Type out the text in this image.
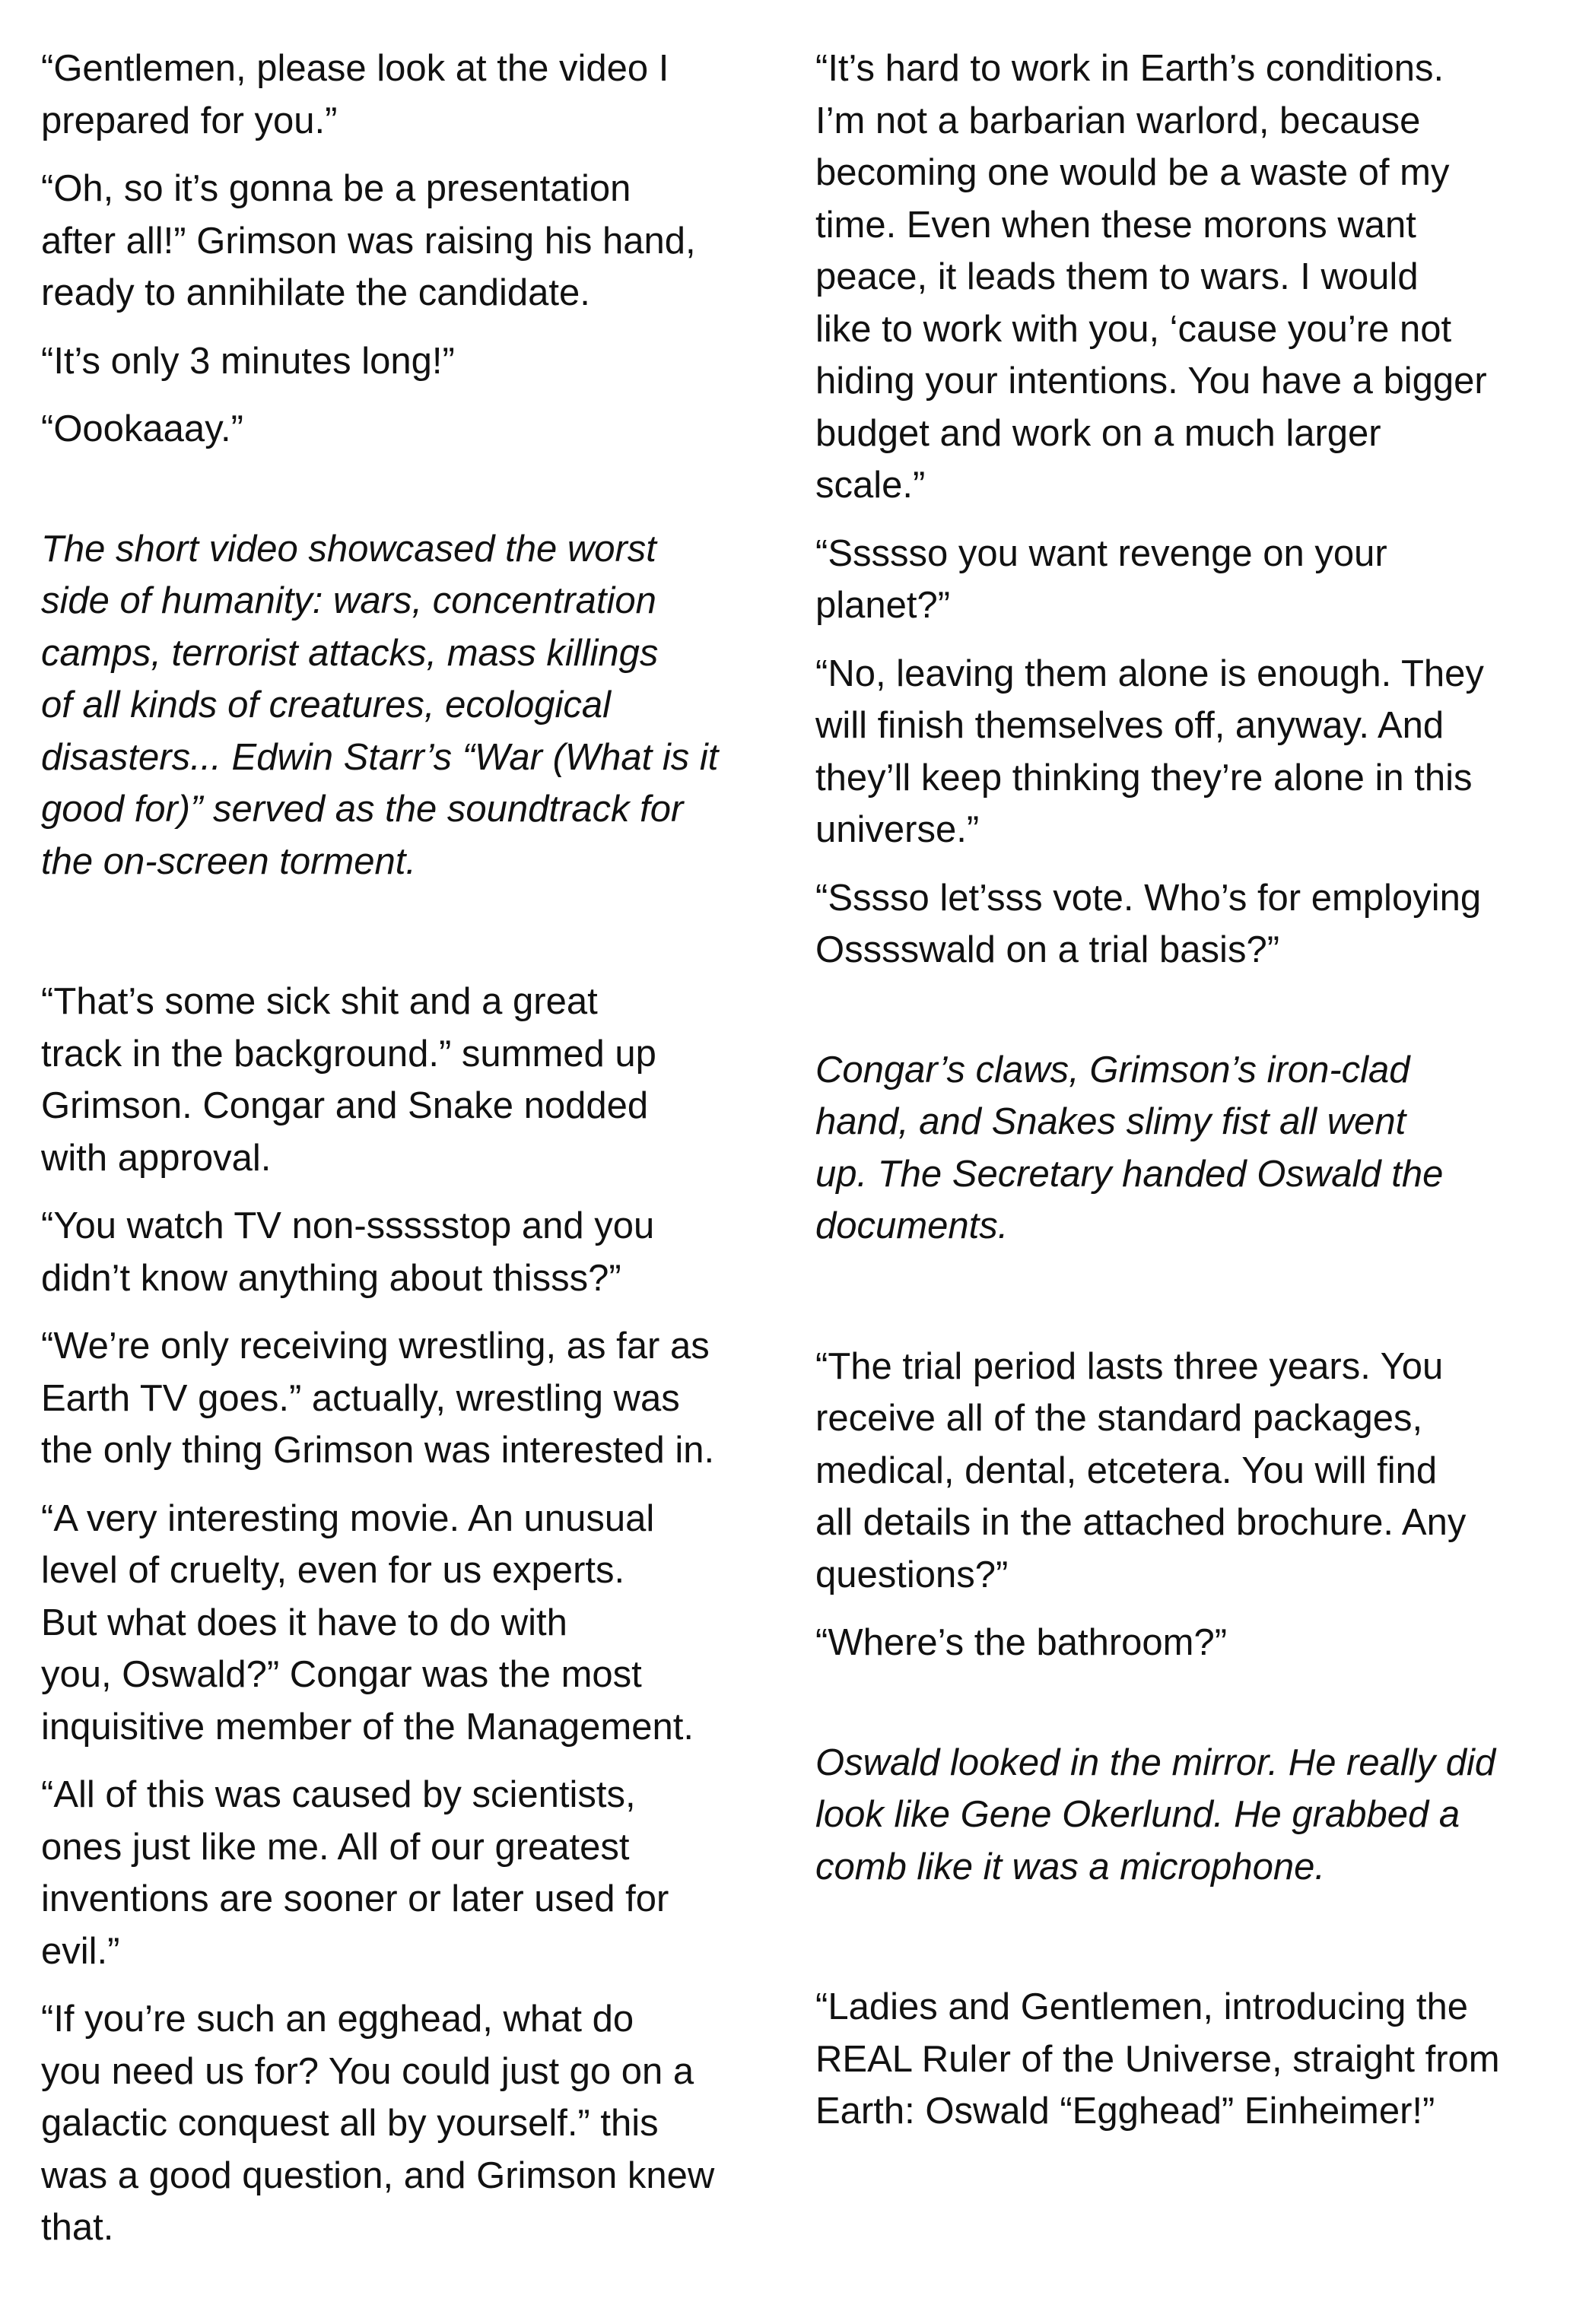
“Gentlemen, please look at the video I
prepared for you.”

“Oh, so it’s gonna be a presentation
after all!” Grimson was raising his hand,
ready to annihilate the candidate.

“It’s only 3 minutes long!”

“Oookaaay.”

The short video showcased the worst
side of humanity: wars, concentration
camps, terrorist attacks, mass killings
of all kinds of creatures, ecological
disasters... Edwin Starr’s “War (What is it
good for)” served as the soundtrack for
the on-screen torment.

“That’s some sick shit and a great
track in the background.” summed up
Grimson. Congar and Snake nodded
with approval.

“You watch TV non-ssssstop and you
didn’t know anything about thisss?”

“We’re only receiving wrestling, as far as
Earth TV goes.” actually, wrestling was
the only thing Grimson was interested in.

“A very interesting movie. An unusual
level of cruelty, even for us experts.
But what does it have to do with
you, Oswald?” Congar was the most
inquisitive member of the Management.

“All of this was caused by scientists,
ones just like me. All of our greatest
inventions are sooner or later used for
evil.”

“If you’re such an egghead, what do
you need us for? You could just go on a
galactic conquest all by yourself.” this
was a good question, and Grimson knew
that.

“It’s hard to work in Earth’s conditions.
I’m not a barbarian warlord, because
becoming one would be a waste of my
time. Even when these morons want
peace, it leads them to wars. I would
like to work with you, ‘cause you’re not
hiding your intentions. You have a bigger
budget and work on a much larger
scale.”

“Ssssso you want revenge on your
planet?”

“No, leaving them alone is enough. They
will finish themselves off, anyway. And
they’ll keep thinking they’re alone in this
universe.”

“Sssso let’sss vote. Who’s for employing
Osssswald on a trial basis?”

Congar’s claws, Grimson’s iron-clad
hand, and Snakes slimy fist all went
up. The Secretary handed Oswald the
documents.

“The trial period lasts three years. You
receive all of the standard packages,
medical, dental, etcetera. You will find
all details in the attached brochure. Any
questions?”

“Where’s the bathroom?”

Oswald looked in the mirror. He really did
look like Gene Okerlund. He grabbed a
comb like it was a microphone.

“Ladies and Gentlemen, introducing the
REAL Ruler of the Universe, straight from
Earth: Oswald “Egghead” Einheimer!”
